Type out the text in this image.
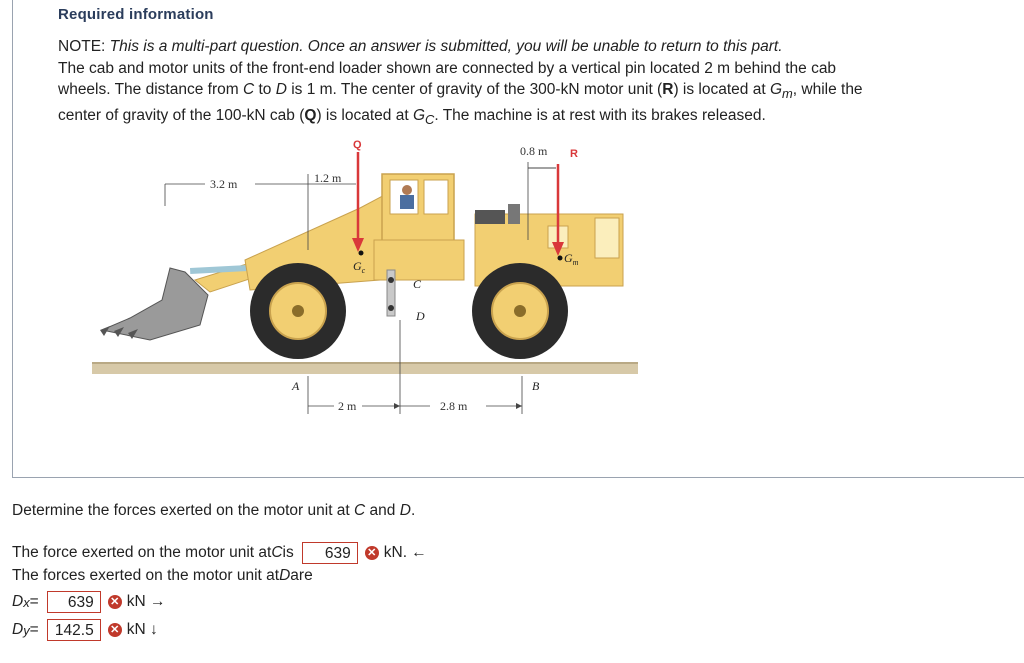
Required information
NOTE: This is a multi-part question. Once an answer is submitted, you will be unable to return to this part.
The cab and motor units of the front-end loader shown are connected by a vertical pin located 2 m behind the cab
wheels. The distance from C to D is 1 m. The center of gravity of the 300-kN motor unit (R) is located at $G_m$, while the
center of gravity of the 100-kN cab (Q) is located at $G_C$. The machine is at rest with its brakes released.
Q
R
0.8 m
3.2 m	1.2 m
$G_c$
$G_m$
C
D
A	B
2 m	2.8 m
Determine the forces exerted on the motor unit at C and D.
The force exerted on the motor unit at C is	639	✕ kN. ←
The forces exerted on the motor unit at D are
D x =	639	✕ kN →
D y =	142.5	✕ kN ↓
